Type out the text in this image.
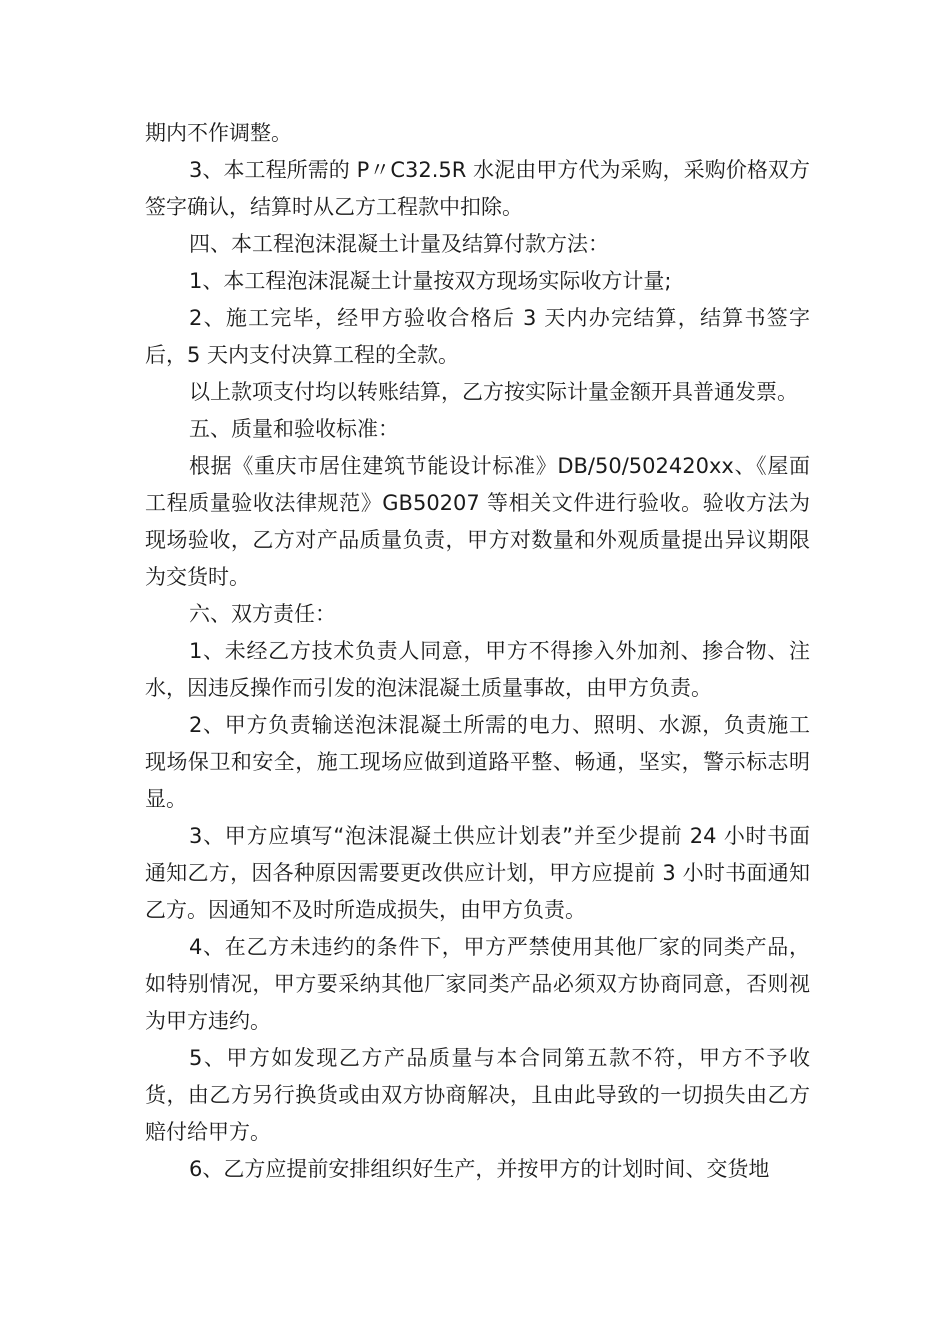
期内不作调整。

3、本工程所需的 P〃C32.5R 水泥由甲方代为采购，采购价格双方签字确认，结算时从乙方工程款中扣除。

四、本工程泡沫混凝土计量及结算付款方法：

1、本工程泡沫混凝土计量按双方现场实际收方计量;

2、施工完毕，经甲方验收合格后 3 天内办完结算，结算书签字后，5 天内支付决算工程的全款。

以上款项支付均以转账结算，乙方按实际计量金额开具普通发票。

五、质量和验收标准：

根据《重庆市居住建筑节能设计标准》DB/50/502420xx、《屋面工程质量验收法律规范》GB50207 等相关文件进行验收。验收方法为现场验收，乙方对产品质量负责，甲方对数量和外观质量提出异议期限为交货时。

六、双方责任：

1、未经乙方技术负责人同意，甲方不得掺入外加剂、掺合物、注水，因违反操作而引发的泡沫混凝土质量事故，由甲方负责。

2、甲方负责输送泡沫混凝土所需的电力、照明、水源，负责施工现场保卫和安全，施工现场应做到道路平整、畅通，坚实，警示标志明显。

3、甲方应填写“泡沫混凝土供应计划表”并至少提前 24 小时书面通知乙方，因各种原因需要更改供应计划，甲方应提前 3 小时书面通知乙方。因通知不及时所造成损失，由甲方负责。

4、在乙方未违约的条件下，甲方严禁使用其他厂家的同类产品，如特别情况，甲方要采纳其他厂家同类产品必须双方协商同意，否则视为甲方违约。

5、甲方如发现乙方产品质量与本合同第五款不符，甲方不予收货，由乙方另行换货或由双方协商解决，且由此导致的一切损失由乙方赔付给甲方。

6、乙方应提前安排组织好生产，并按甲方的计划时间、交货地
